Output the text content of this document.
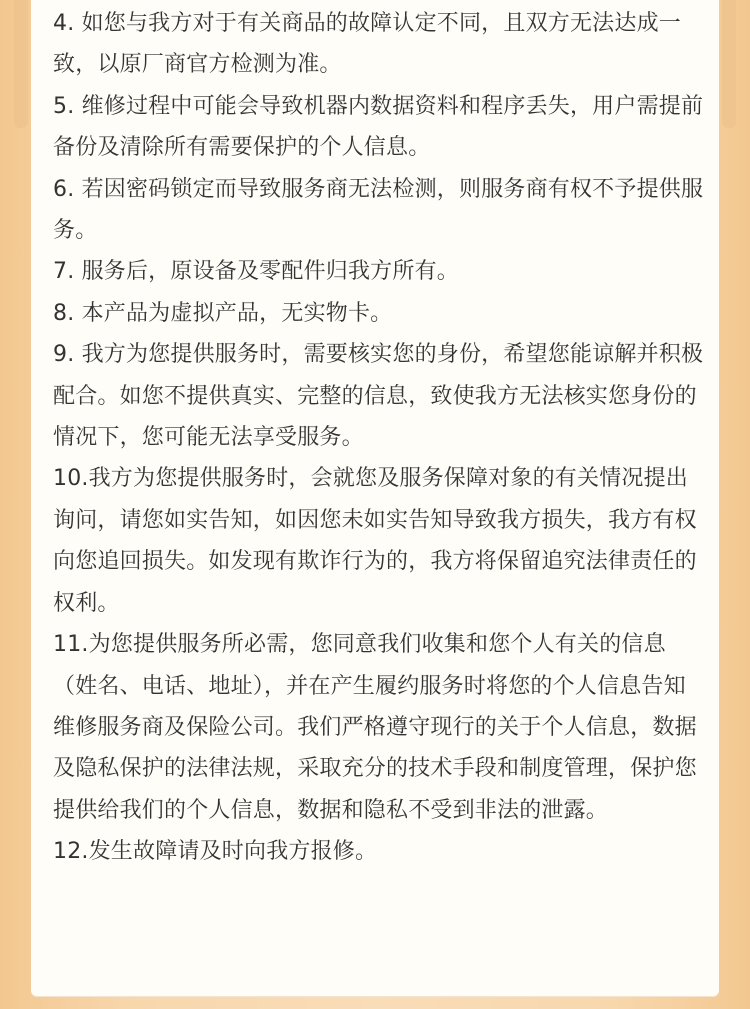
4. 如您与我方对于有关商品的故障认定不同，且双方无法达成一致，以原厂商官方检测为准。
5. 维修过程中可能会导致机器内数据资料和程序丢失，用户需提前备份及清除所有需要保护的个人信息。
6. 若因密码锁定而导致服务商无法检测，则服务商有权不予提供服务。
7. 服务后，原设备及零配件归我方所有。
8. 本产品为虚拟产品，无实物卡。
9. 我方为您提供服务时，需要核实您的身份，希望您能谅解并积极配合。如您不提供真实、完整的信息，致使我方无法核实您身份的情况下，您可能无法享受服务。
10.我方为您提供服务时，会就您及服务保障对象的有关情况提出询问，请您如实告知，如因您未如实告知导致我方损失，我方有权向您追回损失。如发现有欺诈行为的，我方将保留追究法律责任的权利。
11.为您提供服务所必需，您同意我们收集和您个人有关的信息（姓名、电话、地址），并在产生履约服务时将您的个人信息告知维修服务商及保险公司。我们严格遵守现行的关于个人信息，数据及隐私保护的法律法规，采取充分的技术手段和制度管理，保护您提供给我们的个人信息，数据和隐私不受到非法的泄露。
12.发生故障请及时向我方报修。
